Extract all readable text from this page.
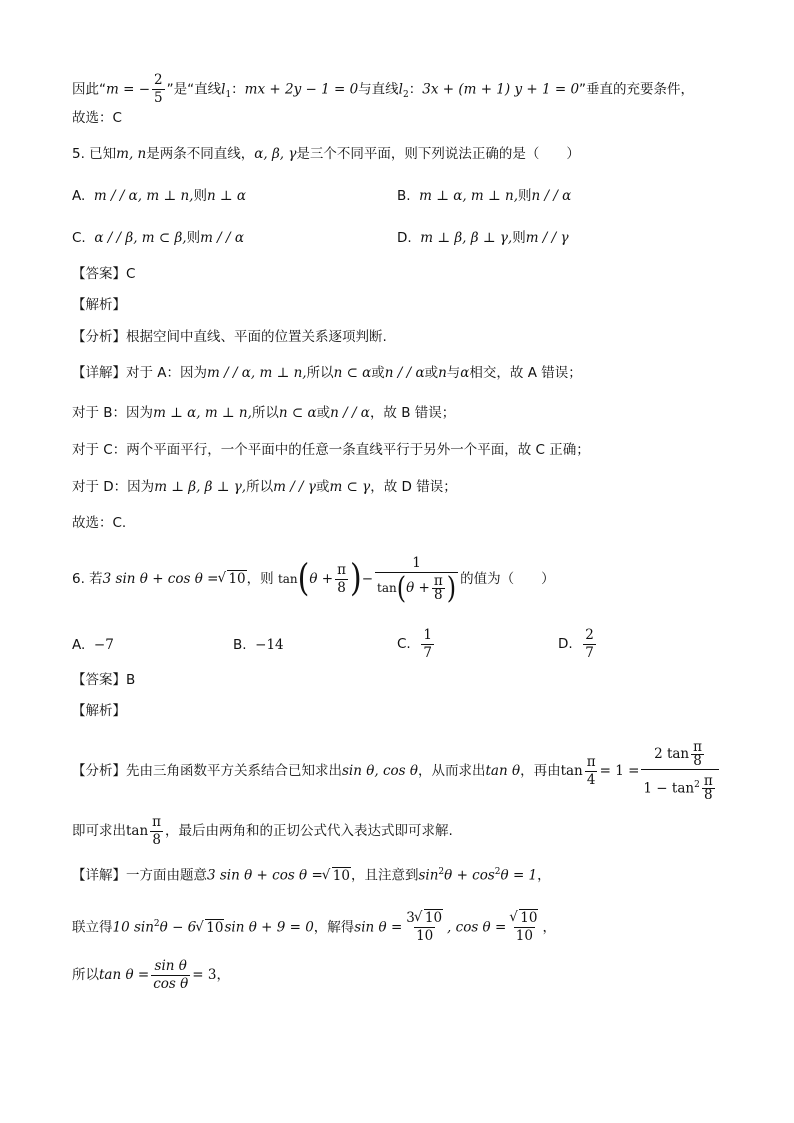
因此“m = − $\frac{2}{5}$ ”是“直线$l_1$：mx + 2y − 1 = 0与直线$l_2$：3x + (m + 1) y + 1 = 0”垂直的充要条件，
故选：C
5. 已知m, n是两条不同直线，α, β, γ是三个不同平面，则下列说法正确的是（　　）
A. m / / α, m ⊥ n,则n ⊥ α	B. m ⊥ α, m ⊥ n,则n / / α
C. α / / β, m ⊂ β,则m / / α	D. m ⊥ β, β ⊥ γ,则m / / γ
【答案】C
【解析】
【分析】根据空间中直线、平面的位置关系逐项判断.
【详解】对于 A：因为m / / α, m ⊥ n,所以n ⊂ α或n / / α或n与α相交，故 A 错误；
对于 B：因为m ⊥ α, m ⊥ n,所以n ⊂ α或n / / α，故 B 错误；
对于 C：两个平面平行，一个平面中的任意一条直线平行于另外一个平面，故 C 正确；
对于 D：因为m ⊥ β, β ⊥ γ,所以m / / γ或m ⊂ γ，故 D 错误；
故选：C.
6. 若3 sin θ + cos θ =√ 10，则 $\tan(\theta + \frac{\pi}{8}$ )− $\frac{1}{\tan(\theta + \frac{\pi}{8} )}$ 的值为（　　）
A. −7	B. −14	C. $\frac{1}{7}$	D. $\frac{2}{7}$
【答案】B
【解析】
【分析】先由三角函数平方关系结合已知求出sin θ, cos θ，从而求出tan θ，再由$\tan \frac{\pi}{4} = 1 = \frac{2 \tan \frac{\pi}{8}}{1 - \tan^2 \frac{\pi}{8}}$
即可求出$\tan \frac{\pi}{8}$ ，最后由两角和的正切公式代入表达式即可求解.
【详解】一方面由题意3 sin θ + cos θ =√ 10，且注意到$\sin^2\theta + \cos^2\theta = 1$，
联立得10 $\sin^2\theta - 6√$ 10sin θ + 9 = 0，解得$\sin \theta = \frac{3√ 10}{10}$ , cos θ =
√ $\frac{10}{10}$ ，
所以$\tan \theta = \frac{\text{sin θ}}{\text{cos θ}} = 3$，
